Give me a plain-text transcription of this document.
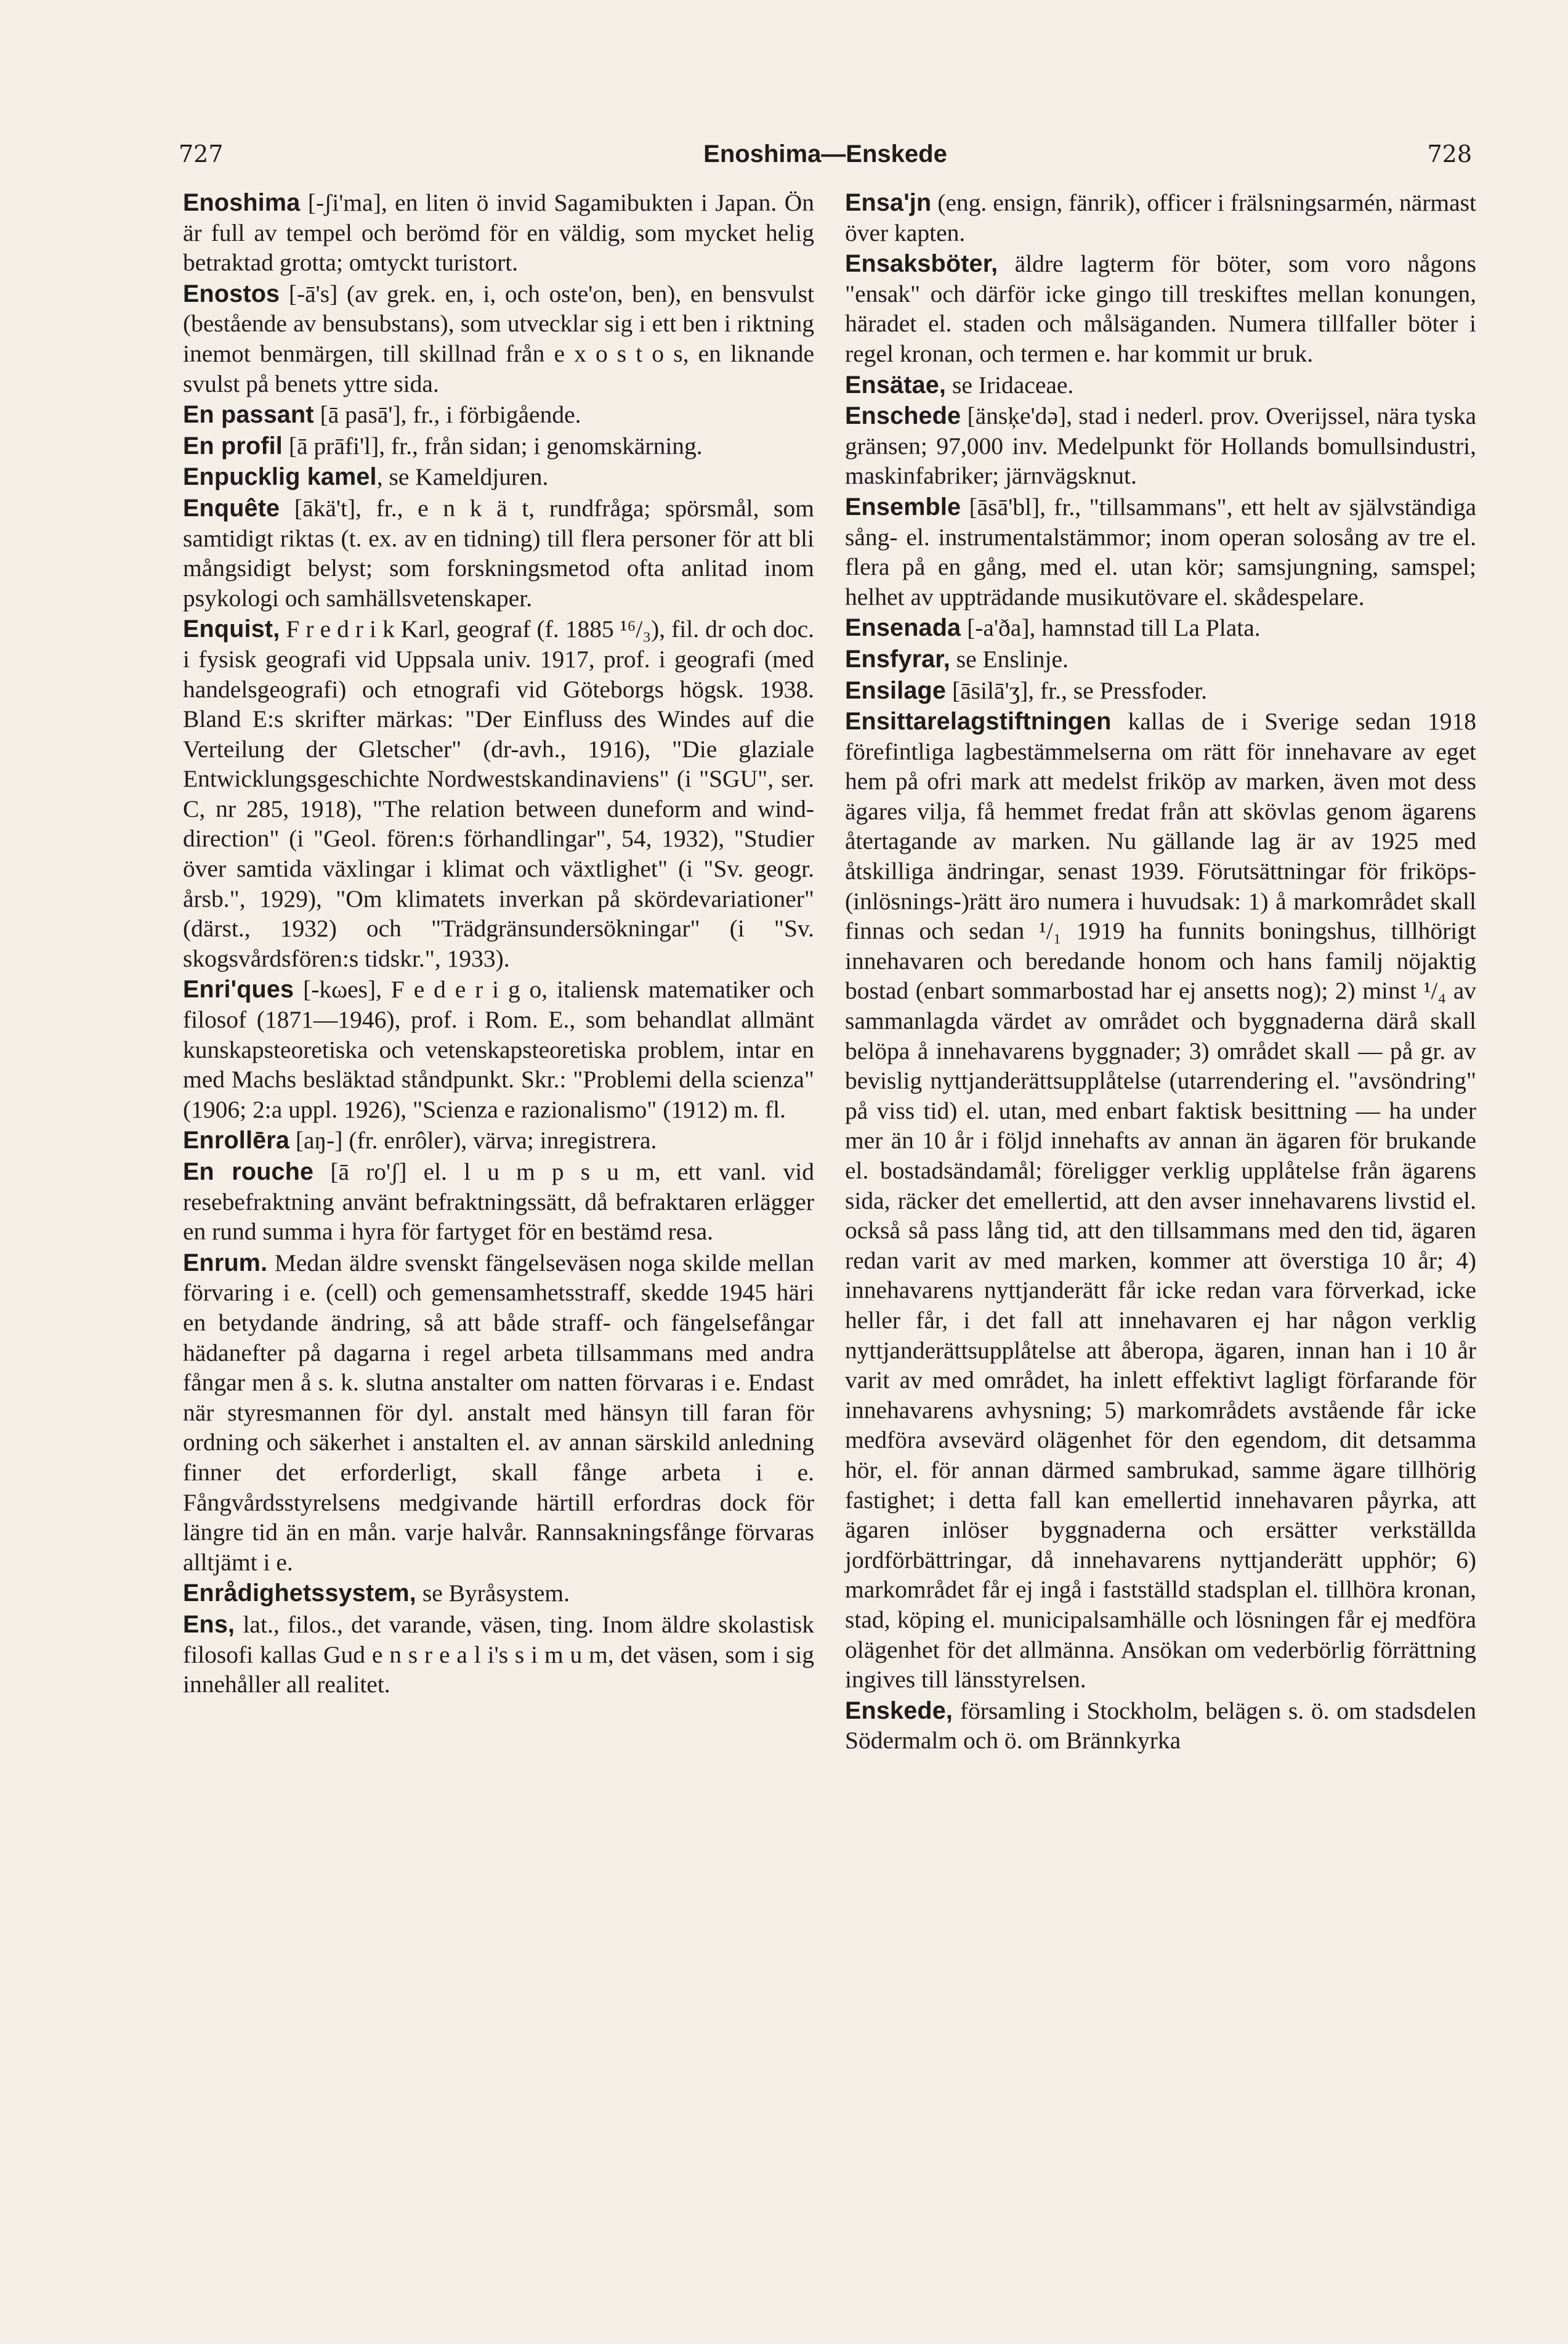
727	Enoshima—Enskede	728

Enoshima [-ʃi'ma], en liten ö invid Sagamibukten i Japan. Ön är full av tempel och berömd för en väldig, som mycket helig betraktad grotta; omtyckt turistort.

Enostos [-ā's] (av grek. en, i, och oste'on, ben), en bensvulst (bestående av bensubstans), som utvecklar sig i ett ben i riktning inemot benmärgen, till skillnad från e x o s t o s, en liknande svulst på benets yttre sida.

En passant [ā pasā'], fr., i förbigående.

En profil [ā prāfi'l], fr., från sidan; i genomskärning.

Enpucklig kamel, se Kameldjuren.

Enquête [ākä't], fr., e n k ä t, rundfråga; spörsmål, som samtidigt riktas (t. ex. av en tidning) till flera personer för att bli mångsidigt belyst; som forskningsmetod ofta anlitad inom psykologi och samhällsvetenskaper.

Enquist, F r e d r i k Karl, geograf (f. 1885 ¹⁶/₃), fil. dr och doc. i fysisk geografi vid Uppsala univ. 1917, prof. i geografi (med handelsgeografi) och etnografi vid Göteborgs högsk. 1938. Bland E:s skrifter märkas: "Der Einfluss des Windes auf die Verteilung der Gletscher" (dr-avh., 1916), "Die glaziale Entwicklungsgeschichte Nordwestskandinaviens" (i "SGU", ser. C, nr 285, 1918), "The relation between duneform and wind-direction" (i "Geol. fören:s förhandlingar", 54, 1932), "Studier över samtida växlingar i klimat och växtlighet" (i "Sv. geogr. årsb.", 1929), "Om klimatets inverkan på skördevariationer" (därst., 1932) och "Trädgränsundersökningar" (i "Sv. skogsvårdsfören:s tidskr.", 1933).

Enri'ques [-kωes], F e d e r i g o, italiensk matematiker och filosof (1871—1946), prof. i Rom. E., som behandlat allmänt kunskapsteoretiska och vetenskapsteoretiska problem, intar en med Machs besläktad ståndpunkt. Skr.: "Problemi della scienza" (1906; 2:a uppl. 1926), "Scienza e razionalismo" (1912) m. fl.

Enrollēra [aŋ-] (fr. enrôler), värva; inregistrera.

En rouche [ā ro'ʃ] el. l u m p s u m, ett vanl. vid resebefraktning använt befraktningssätt, då befraktaren erlägger en rund summa i hyra för fartyget för en bestämd resa.

Enrum. Medan äldre svenskt fängelseväsen noga skilde mellan förvaring i e. (cell) och gemensamhetsstraff, skedde 1945 häri en betydande ändring, så att både straff- och fängelsefångar hädanefter på dagarna i regel arbeta tillsammans med andra fångar men å s. k. slutna anstalter om natten förvaras i e. Endast när styresmannen för dyl. anstalt med hänsyn till faran för ordning och säkerhet i anstalten el. av annan särskild anledning finner det erforderligt, skall fånge arbeta i e. Fångvårdsstyrelsens medgivande härtill erfordras dock för längre tid än en mån. varje halvår. Rannsakningsfånge förvaras alltjämt i e.

Enrådighetssystem, se Byråsystem.

Ens, lat., filos., det varande, väsen, ting. Inom äldre skolastisk filosofi kallas Gud e n s r e a l i's s i m u m, det väsen, som i sig innehåller all realitet.

Ensa'jn (eng. ensign, fänrik), officer i frälsningsarmén, närmast över kapten.

Ensaksböter, äldre lagterm för böter, som voro någons "ensak" och därför icke gingo till treskiftes mellan konungen, häradet el. staden och målsäganden. Numera tillfaller böter i regel kronan, och termen e. har kommit ur bruk.

Ensätae, se Iridaceae.

Enschede [änsķe'də], stad i nederl. prov. Overijssel, nära tyska gränsen; 97,000 inv. Medelpunkt för Hollands bomullsindustri, maskinfabriker; järnvägsknut.

Ensemble [āsā'bl], fr., "tillsammans", ett helt av självständiga sång- el. instrumentalstämmor; inom operan solosång av tre el. flera på en gång, med el. utan kör; samsjungning, samspel; helhet av uppträdande musikutövare el. skådespelare.

Ensenada [-a'ða], hamnstad till La Plata.

Ensfyrar, se Enslinje.

Ensilage [āsilā'ʒ], fr., se Pressfoder.

Ensittarelagstiftningen kallas de i Sverige sedan 1918 förefintliga lagbestämmelserna om rätt för innehavare av eget hem på ofri mark att medelst friköp av marken, även mot dess ägares vilja, få hemmet fredat från att skövlas genom ägarens återtagande av marken. Nu gällande lag är av 1925 med åtskilliga ändringar, senast 1939. Förutsättningar för friköps- (inlösnings-)rätt äro numera i huvudsak: 1) å markområdet skall finnas och sedan ¹/₁ 1919 ha funnits boningshus, tillhörigt innehavaren och beredande honom och hans familj nöjaktig bostad (enbart sommarbostad har ej ansetts nog); 2) minst ¹/₄ av sammanlagda värdet av området och byggnaderna därå skall belöpa å innehavarens byggnader; 3) området skall — på gr. av bevislig nyttjanderättsupplåtelse (utarrendering el. "avsöndring" på viss tid) el. utan, med enbart faktisk besittning — ha under mer än 10 år i följd innehafts av annan än ägaren för brukande el. bostadsändamål; föreligger verklig upplåtelse från ägarens sida, räcker det emellertid, att den avser innehavarens livstid el. också så pass lång tid, att den tillsammans med den tid, ägaren redan varit av med marken, kommer att överstiga 10 år; 4) innehavarens nyttjanderätt får icke redan vara förverkad, icke heller får, i det fall att innehavaren ej har någon verklig nyttjanderättsupplåtelse att åberopa, ägaren, innan han i 10 år varit av med området, ha inlett effektivt lagligt förfarande för innehavarens avhysning; 5) markområdets avstående får icke medföra avsevärd olägenhet för den egendom, dit detsamma hör, el. för annan därmed sambrukad, samme ägare tillhörig fastighet; i detta fall kan emellertid innehavaren påyrka, att ägaren inlöser byggnaderna och ersätter verkställda jordförbättringar, då innehavarens nyttjanderätt upphör; 6) markområdet får ej ingå i fastställd stadsplan el. tillhöra kronan, stad, köping el. municipalsamhälle och lösningen får ej medföra olägenhet för det allmänna. Ansökan om vederbörlig förrättning ingives till länsstyrelsen.

Enskede, församling i Stockholm, belägen s. ö. om stadsdelen Södermalm och ö. om Brännkyrka
